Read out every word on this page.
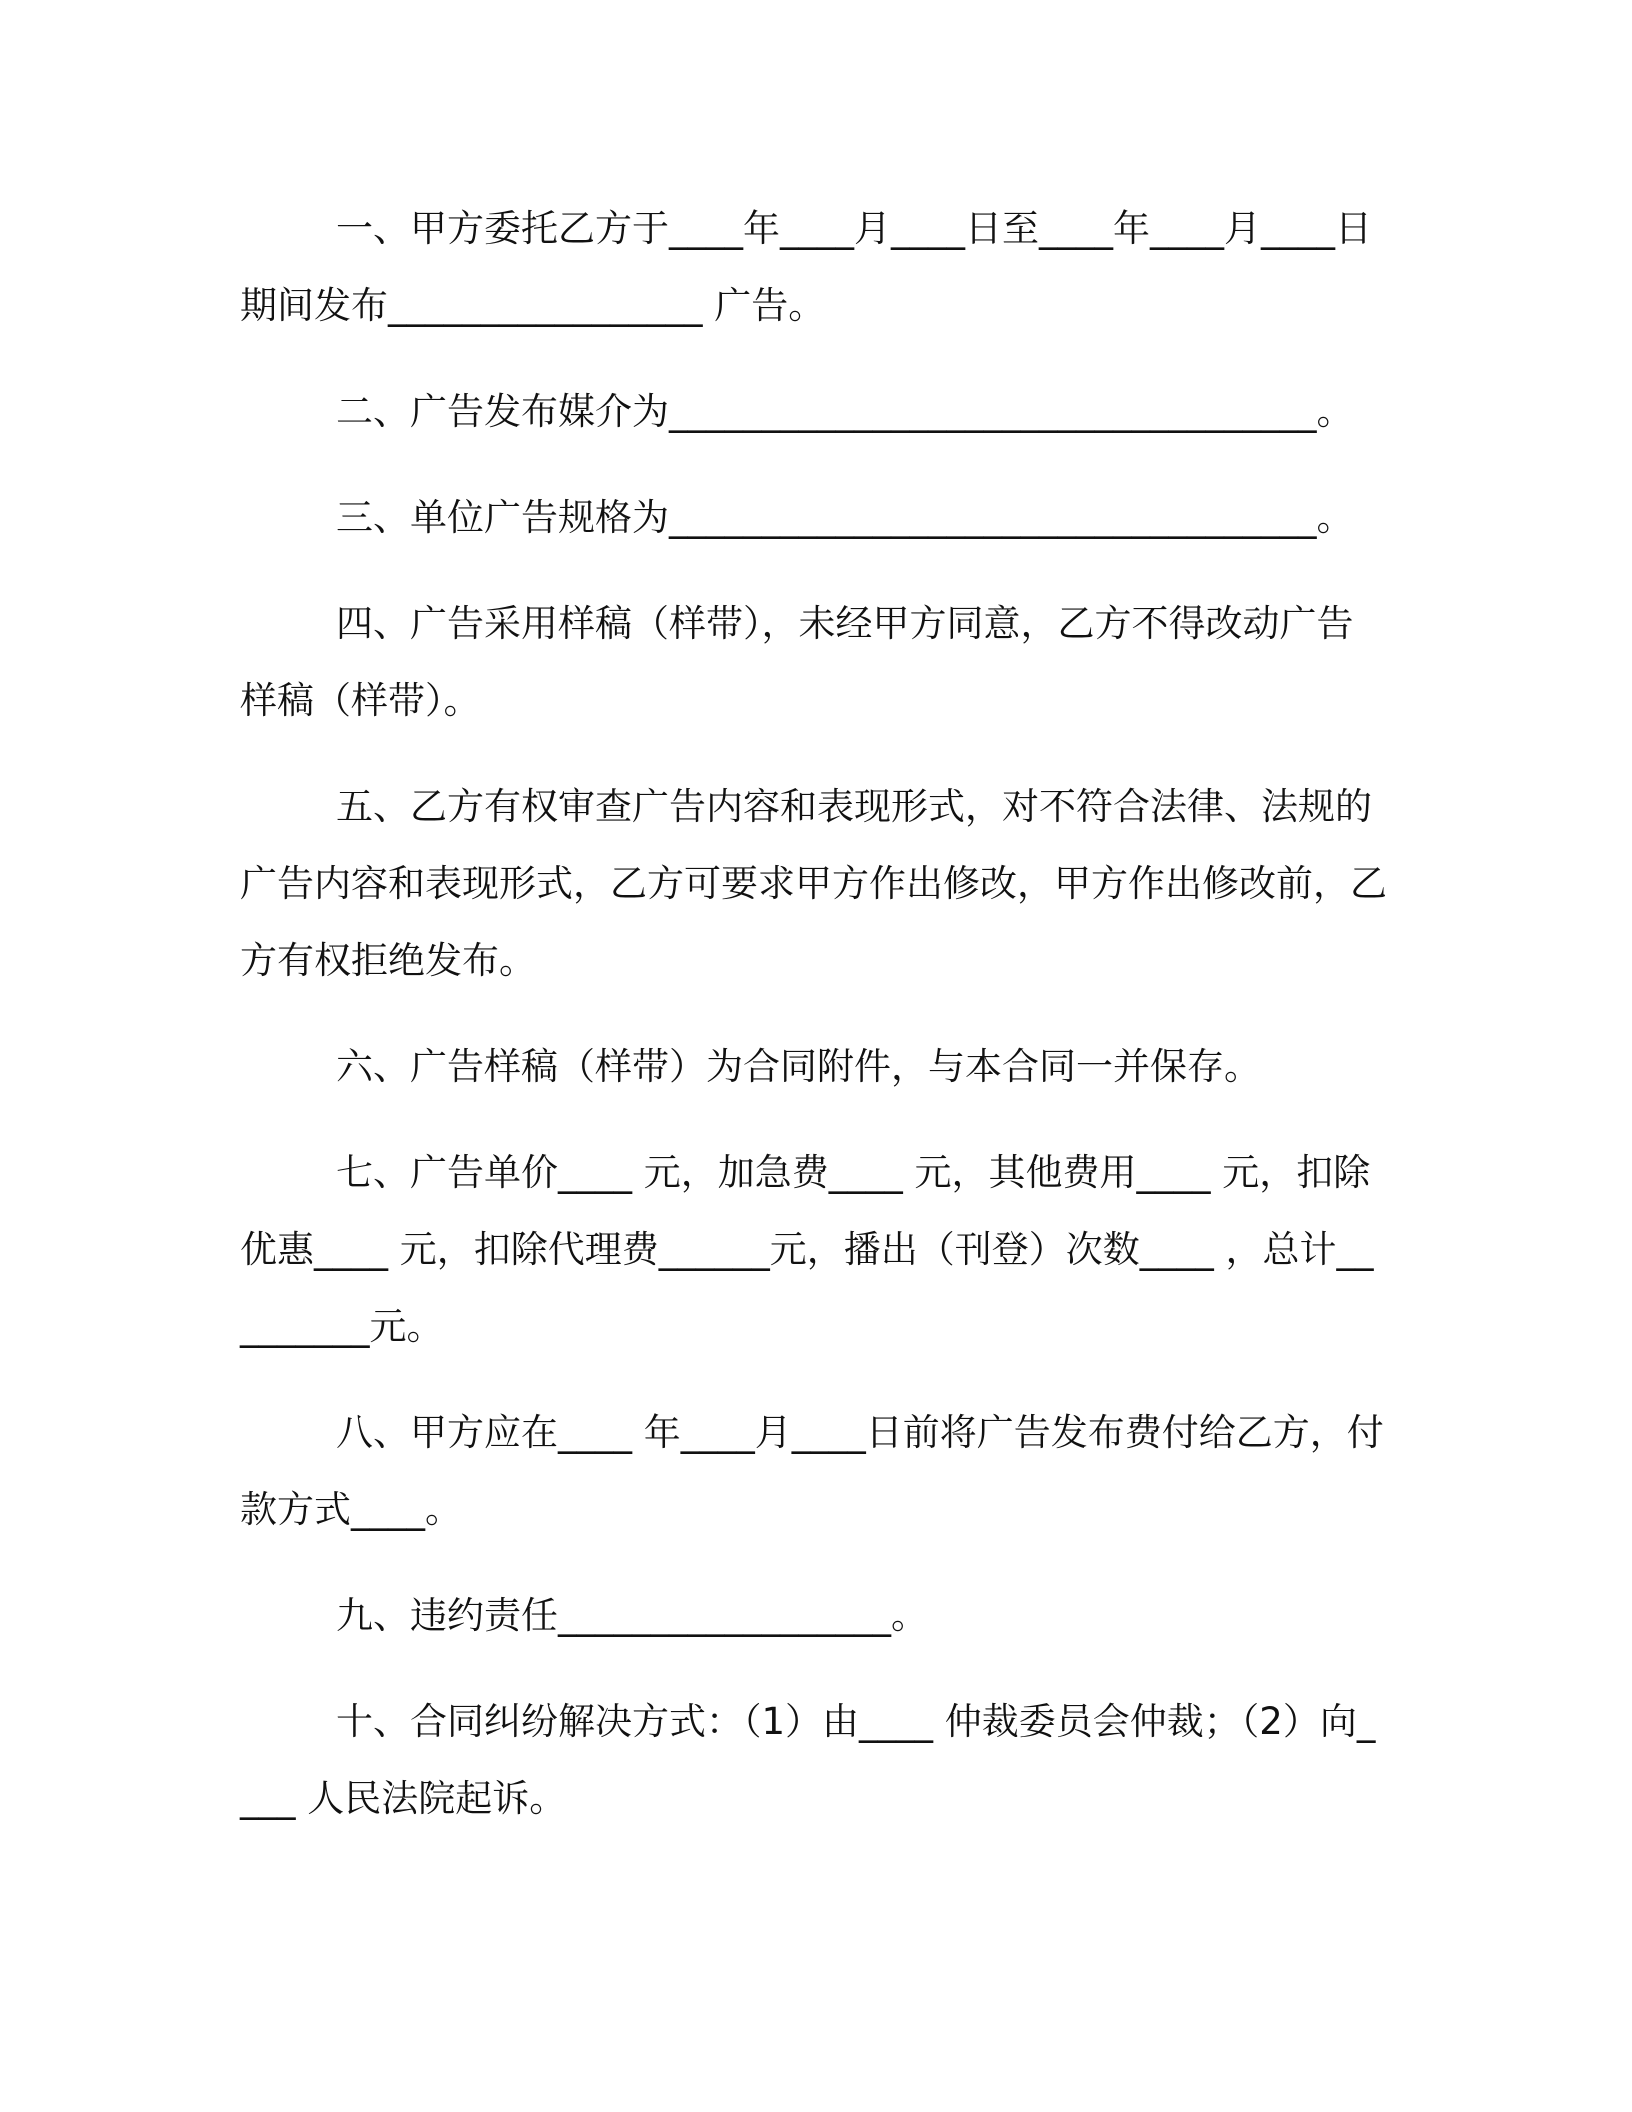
一、甲方委托乙方于____年____月____日至____年____月____日期间发布_________________ 广告。

二、广告发布媒介为___________________________________。

三、单位广告规格为___________________________________。

四、广告采用样稿（样带），未经甲方同意，乙方不得改动广告样稿（样带）。

五、乙方有权审查广告内容和表现形式，对不符合法律、法规的广告内容和表现形式，乙方可要求甲方作出修改，甲方作出修改前，乙方有权拒绝发布。

六、广告样稿（样带）为合同附件，与本合同一并保存。

七、广告单价____ 元，加急费____ 元，其他费用____ 元，扣除优惠____ 元，扣除代理费______元，播出（刊登）次数____ ，总计_________元。

八、甲方应在____ 年____月____日前将广告发布费付给乙方，付款方式____。

九、违约责任__________________。

十、合同纠纷解决方式：（1）由____ 仲裁委员会仲裁；（2）向____ 人民法院起诉。
